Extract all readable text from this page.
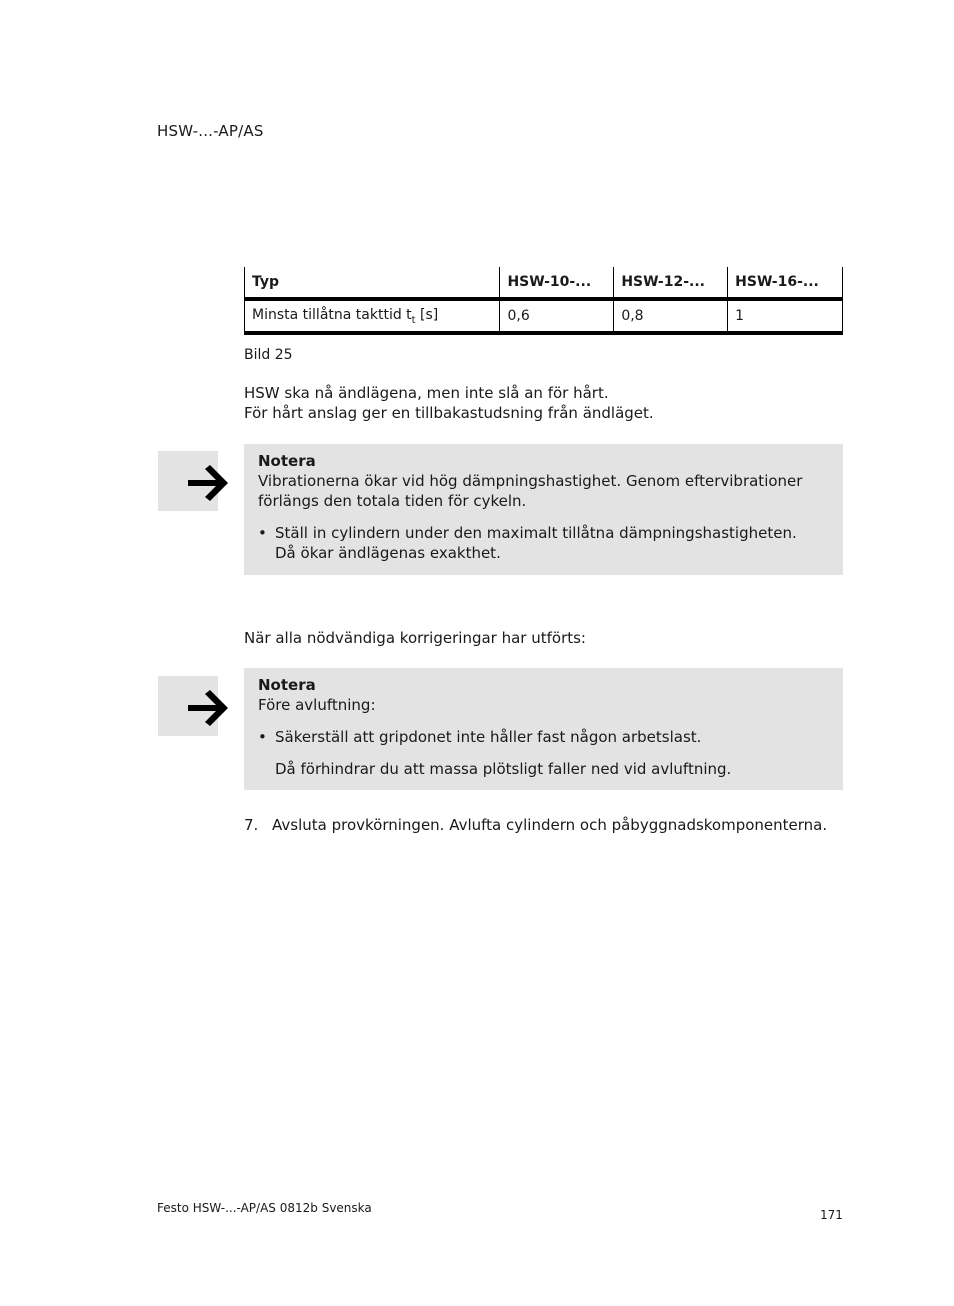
HSW-...-AP/AS
Typ	HSW-10-...	HSW-12-...	HSW-16-...
Minsta tillåtna takttid $t_t$ [s]	0,6	0,8	1
Bild 25
HSW ska nå ändlägena, men inte slå an för hårt.
För hårt anslag ger en tillbakastudsning från ändläget.
Notera
Vibrationerna ökar vid hög dämpningshastighet. Genom eftervibrationer
förlängs den totala tiden för cykeln.
• Ställ in cylindern under den maximalt tillåtna dämpningshastigheten.
Då ökar ändlägenas exakthet.
När alla nödvändiga korrigeringar har utförts:
Notera
Före avluftning:
• Säkerställ att gripdonet inte håller fast någon arbetslast.
Då förhindrar du att massa plötsligt faller ned vid avluftning.
7. Avsluta provkörningen. Avlufta cylindern och påbyggnadskomponenterna.
Festo HSW-...-AP/AS 0812b Svenska	171
